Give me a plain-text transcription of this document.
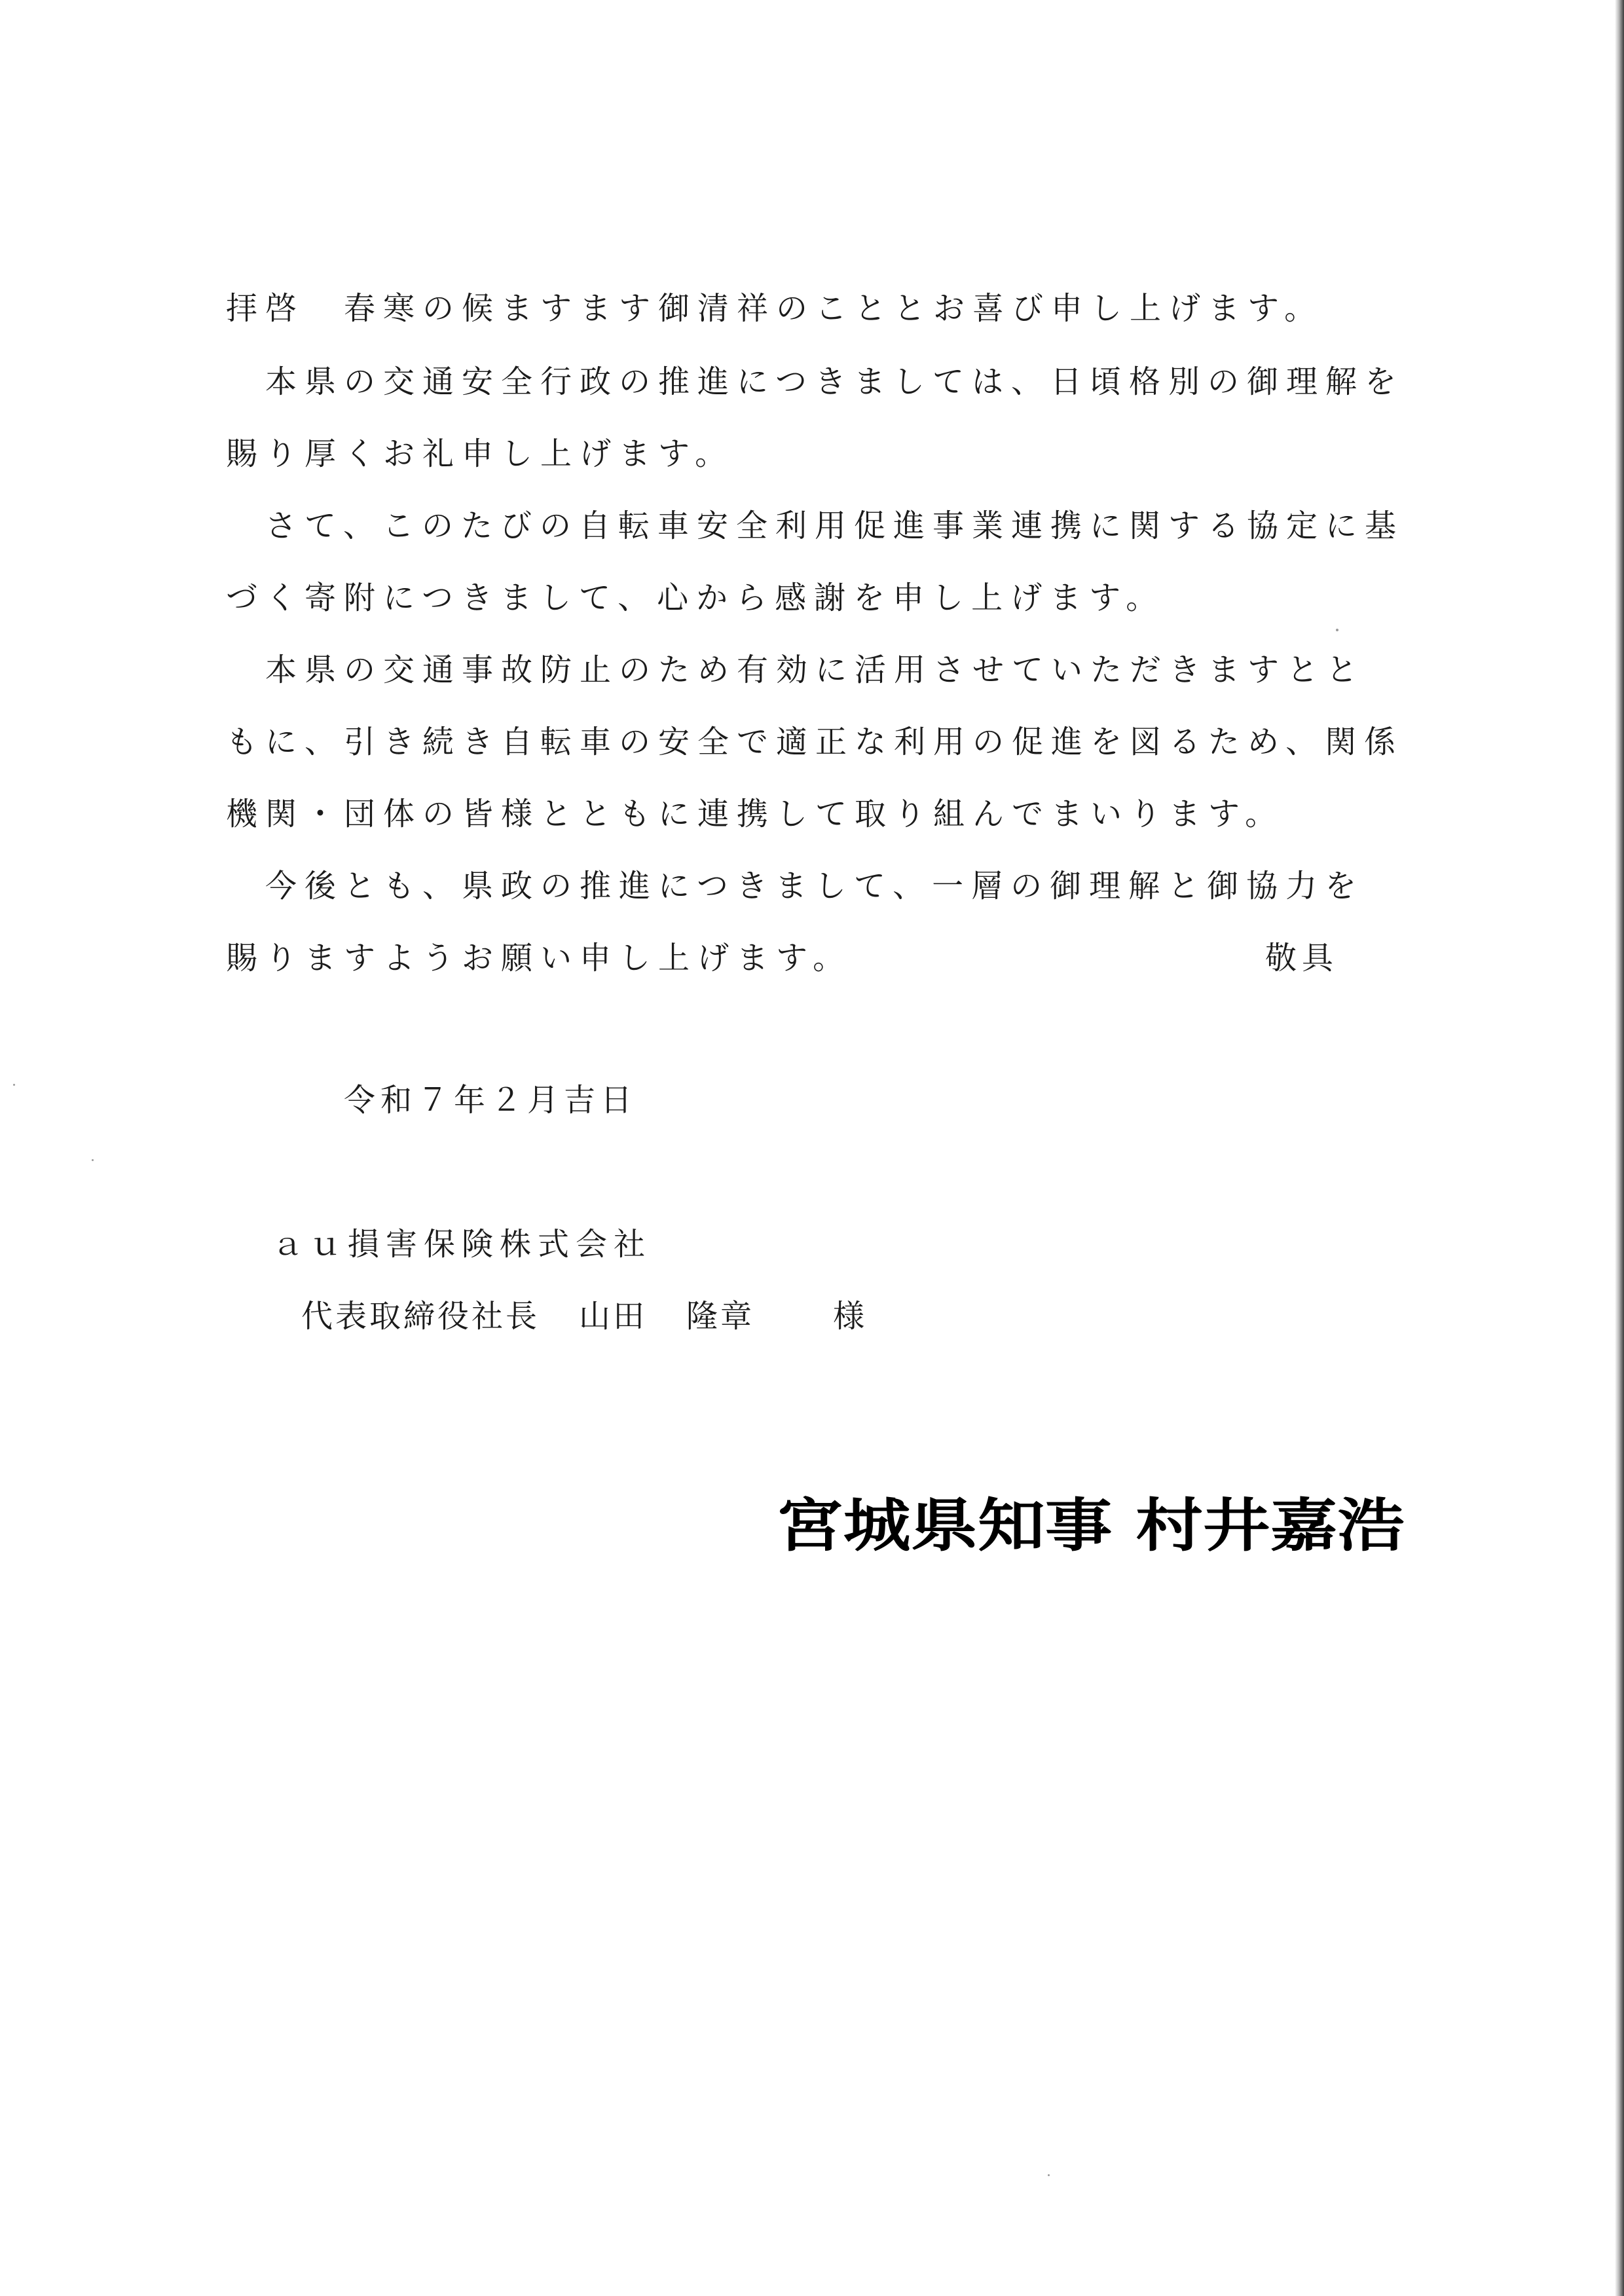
拝啓　春寒の候ますます御清祥のこととお喜び申し上げます。
本県の交通安全行政の推進につきましては、日頃格別の御理解を
賜り厚くお礼申し上げます。
さて、このたびの自転車安全利用促進事業連携に関する協定に基
づく寄附につきまして、心から感謝を申し上げます。
本県の交通事故防止のため有効に活用させていただきますとと
もに、引き続き自転車の安全で適正な利用の促進を図るため、関係
機関・団体の皆様とともに連携して取り組んでまいります。
今後とも、県政の推進につきまして、一層の御理解と御協力を
賜りますようお願い申し上げます。	敬具
令和７年２月吉日
ａｕ損害保険株式会社
代表取締役社長 山田 隆章	様
宮城県知事 村井嘉浩
